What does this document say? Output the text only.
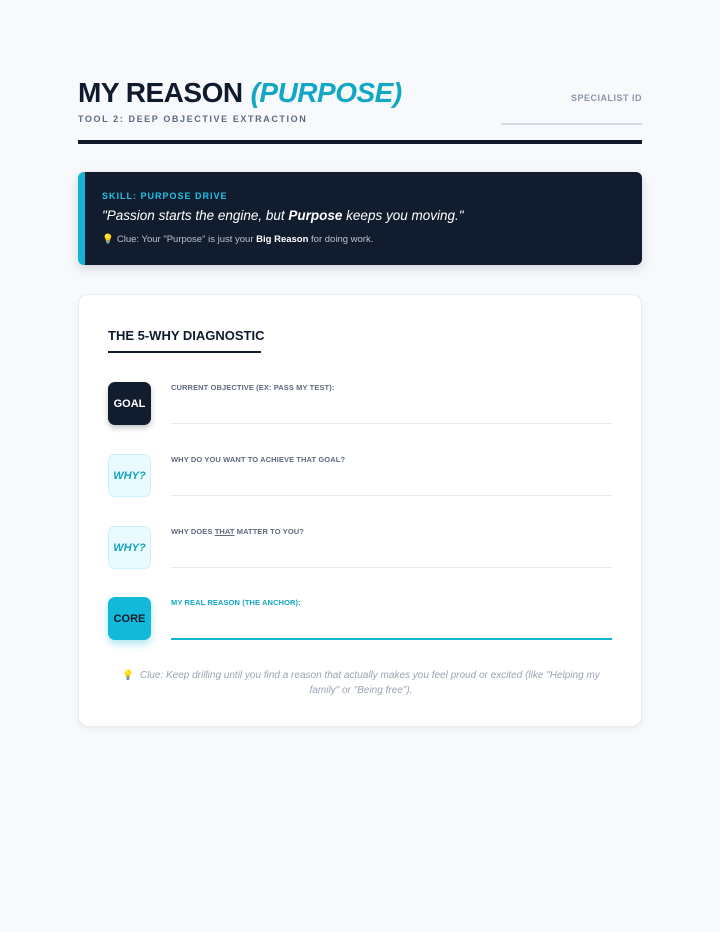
MY REASON (PURPOSE)
TOOL 2: DEEP OBJECTIVE EXTRACTION
SPECIALIST ID
SKILL: PURPOSE DRIVE
"Passion starts the engine, but Purpose keeps you moving."
💡 Clue: Your "Purpose" is just your Big Reason for doing work.
THE 5-WHY DIAGNOSTIC
GOAL
CURRENT OBJECTIVE (EX: PASS MY TEST):
WHY?
WHY DO YOU WANT TO ACHIEVE THAT GOAL?
WHY?
WHY DOES THAT MATTER TO YOU?
CORE
MY REAL REASON (THE ANCHOR):
💡 Clue: Keep drilling until you find a reason that actually makes you feel proud or excited (like "Helping my family" or "Being free").
